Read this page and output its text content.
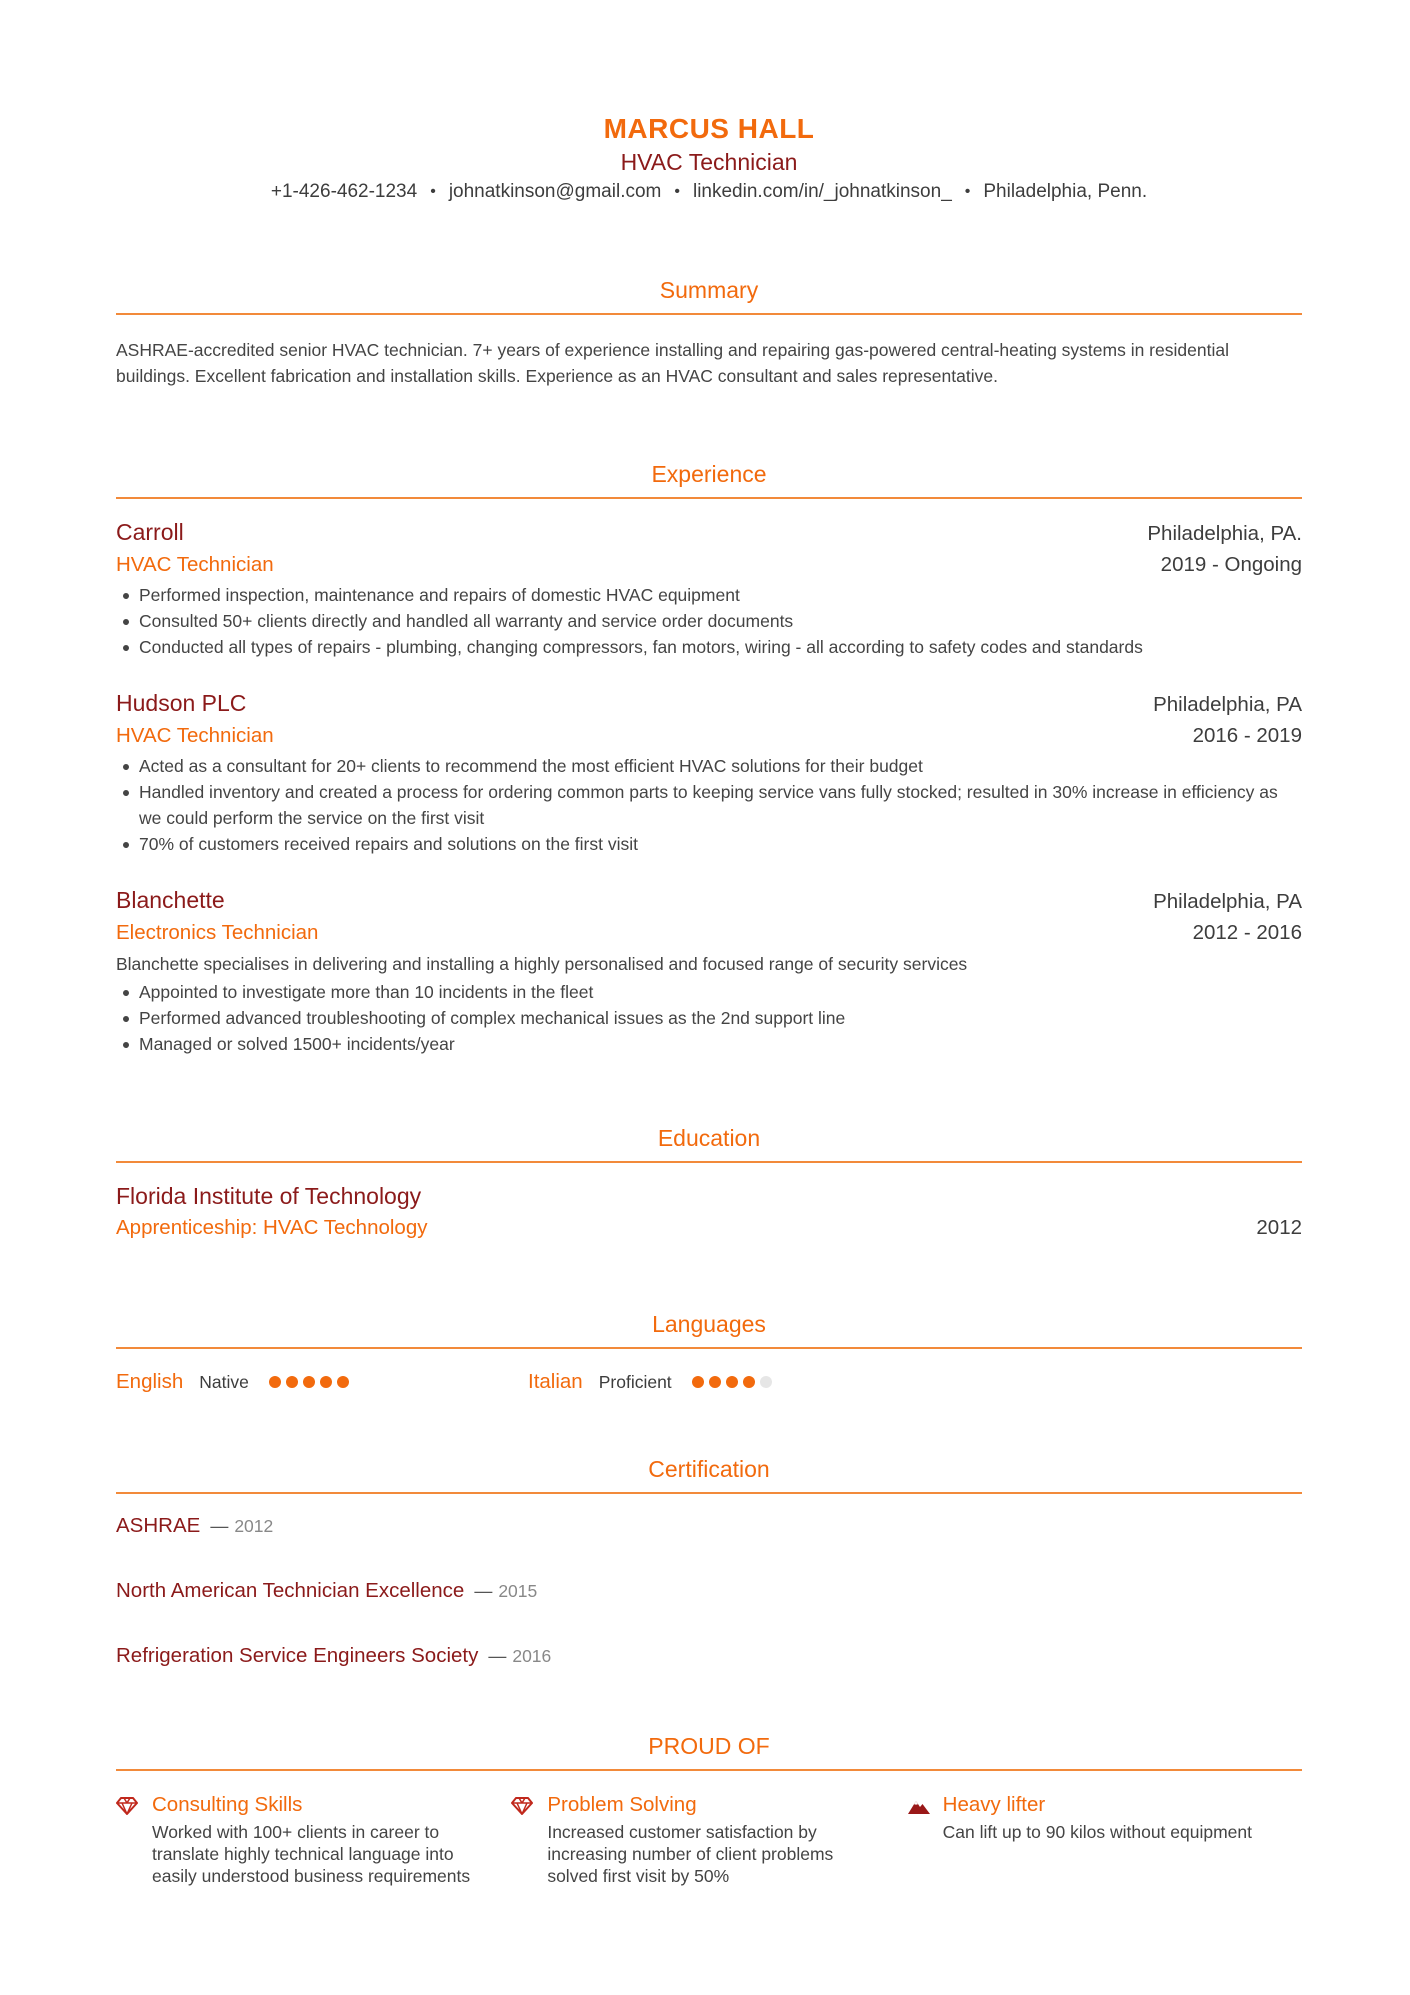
MARCUS HALL
HVAC Technician
+1-426-462-1234 • johnatkinson@gmail.com • linkedin.com/in/_johnatkinson_ • Philadelphia, Penn.
Summary
ASHRAE-accredited senior HVAC technician. 7+ years of experience installing and repairing gas-powered central-heating systems in residential buildings. Excellent fabrication and installation skills. Experience as an HVAC consultant and sales representative.
Experience
Carroll	Philadelphia, PA.
HVAC Technician	2019 - Ongoing
Performed inspection, maintenance and repairs of domestic HVAC equipment
Consulted 50+ clients directly and handled all warranty and service order documents
Conducted all types of repairs - plumbing, changing compressors, fan motors, wiring - all according to safety codes and standards
Hudson PLC	Philadelphia, PA
HVAC Technician	2016 - 2019
Acted as a consultant for 20+ clients to recommend the most efficient HVAC solutions for their budget
Handled inventory and created a process for ordering common parts to keeping service vans fully stocked; resulted in 30% increase in efficiency as we could perform the service on the first visit
70% of customers received repairs and solutions on the first visit
Blanchette	Philadelphia, PA
Electronics Technician	2012 - 2016
Blanchette specialises in delivering and installing a highly personalised and focused range of security services
Appointed to investigate more than 10 incidents in the fleet
Performed advanced troubleshooting of complex mechanical issues as the 2nd support line
Managed or solved 1500+ incidents/year
Education
Florida Institute of Technology
Apprenticeship: HVAC Technology	2012
Languages
English Native	Italian Proficient
Certification
ASHRAE — 2012
North American Technician Excellence — 2015
Refrigeration Service Engineers Society — 2016
PROUD OF
Consulting Skills
Worked with 100+ clients in career to translate highly technical language into easily understood business requirements
Problem Solving
Increased customer satisfaction by increasing number of client problems solved first visit by 50%
Heavy lifter
Can lift up to 90 kilos without equipment
